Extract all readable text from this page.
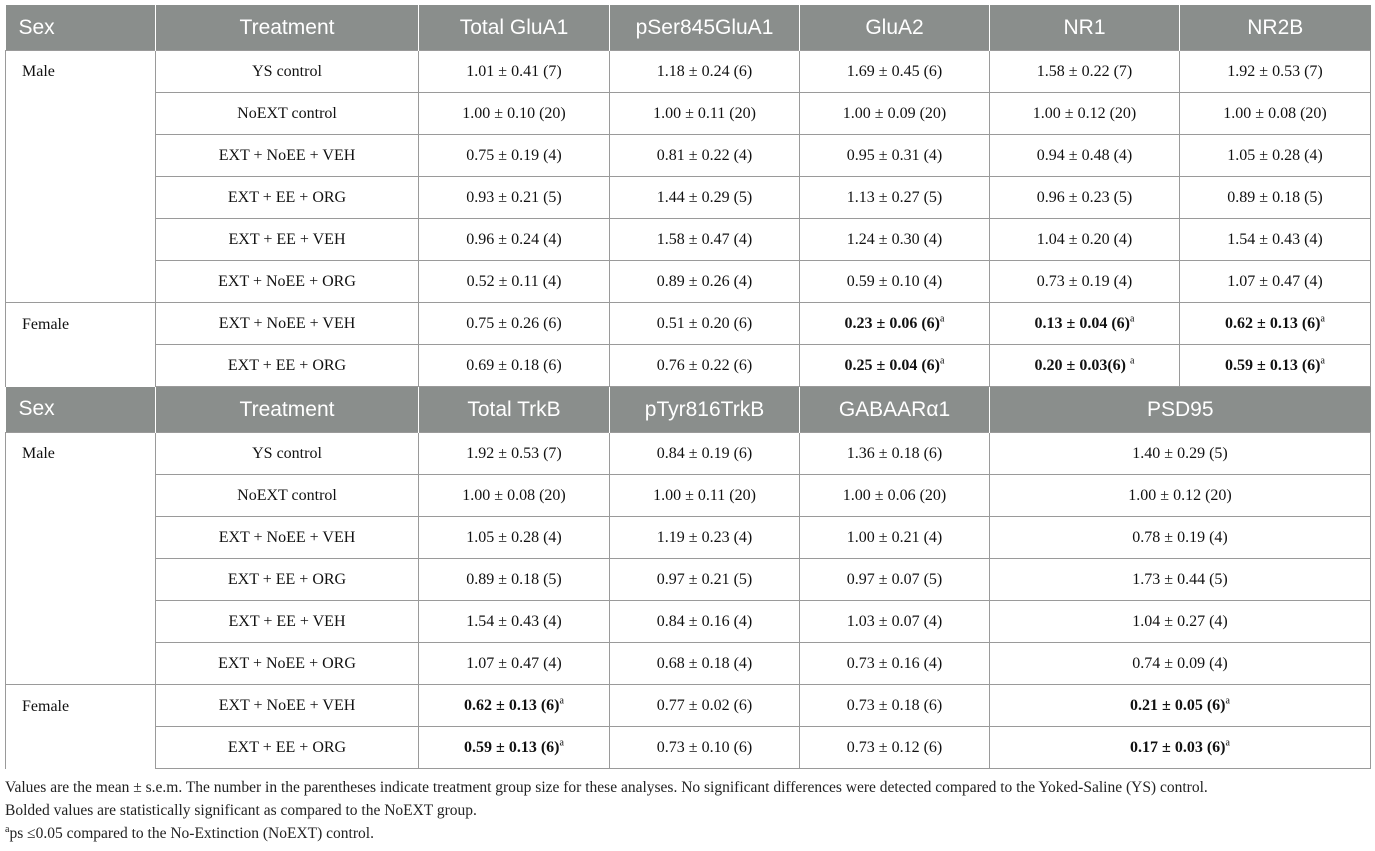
Sex	Treatment	Total GluA1	pSer845GluA1	GluA2	NR1	NR2B
Male	YS control	1.01 ± 0.41 (7)	1.18 ± 0.24 (6)	1.69 ± 0.45 (6)	1.58 ± 0.22 (7)	1.92 ± 0.53 (7)
	NoEXT control	1.00 ± 0.10 (20)	1.00 ± 0.11 (20)	1.00 ± 0.09 (20)	1.00 ± 0.12 (20)	1.00 ± 0.08 (20)
	EXT + NoEE + VEH	0.75 ± 0.19 (4)	0.81 ± 0.22 (4)	0.95 ± 0.31 (4)	0.94 ± 0.48 (4)	1.05 ± 0.28 (4)
	EXT + EE + ORG	0.93 ± 0.21 (5)	1.44 ± 0.29 (5)	1.13 ± 0.27 (5)	0.96 ± 0.23 (5)	0.89 ± 0.18 (5)
	EXT + EE + VEH	0.96 ± 0.24 (4)	1.58 ± 0.47 (4)	1.24 ± 0.30 (4)	1.04 ± 0.20 (4)	1.54 ± 0.43 (4)
	EXT + NoEE + ORG	0.52 ± 0.11 (4)	0.89 ± 0.26 (4)	0.59 ± 0.10 (4)	0.73 ± 0.19 (4)	1.07 ± 0.47 (4)
Female	EXT + NoEE + VEH	0.75 ± 0.26 (6)	0.51 ± 0.20 (6)	0.23 ± 0.06 $(6)^a$	0.13 ± 0.04 $(6)^a$	0.62 ± 0.13 $(6)^a$
	EXT + EE + ORG	0.69 ± 0.18 (6)	0.76 ± 0.22 (6)	0.25 ± 0.04 $(6)^a$	0.20 ± 0.03(6) $^a$	0.59 ± 0.13 $(6)^a$
Sex	Treatment	Total TrkB	pTyr816TrkB	GABAARα1	PSD95	
Male	YS control	1.92 ± 0.53 (7)	0.84 ± 0.19 (6)	1.36 ± 0.18 (6)	1.40 ± 0.29 (5)	
	NoEXT control	1.00 ± 0.08 (20)	1.00 ± 0.11 (20)	1.00 ± 0.06 (20)	1.00 ± 0.12 (20)	
	EXT + NoEE + VEH	1.05 ± 0.28 (4)	1.19 ± 0.23 (4)	1.00 ± 0.21 (4)	0.78 ± 0.19 (4)	
	EXT + EE + ORG	0.89 ± 0.18 (5)	0.97 ± 0.21 (5)	0.97 ± 0.07 (5)	1.73 ± 0.44 (5)	
	EXT + EE + VEH	1.54 ± 0.43 (4)	0.84 ± 0.16 (4)	1.03 ± 0.07 (4)	1.04 ± 0.27 (4)	
	EXT + NoEE + ORG	1.07 ± 0.47 (4)	0.68 ± 0.18 (4)	0.73 ± 0.16 (4)	0.74 ± 0.09 (4)	
Female	EXT + NoEE + VEH	0.62 ± 0.13 $(6)^a$	0.77 ± 0.02 (6)	0.73 ± 0.18 (6)	0.21 ± 0.05 $(6)^a$
	EXT + EE + ORG	0.59 ± 0.13 $(6)^a$	0.73 ± 0.10 (6)	0.73 ± 0.12 (6)	0.17 ± 0.03 $(6)^a$

Values are the mean ± s.e.m. The number in the parentheses indicate treatment group size for these analyses. No significant differences were detected compared to the Yoked-Saline (YS) control.

Bolded values are statistically significant as compared to the NoEXT group.

$^a$ps ≤0.05 compared to the No-Extinction (NoEXT) control.
